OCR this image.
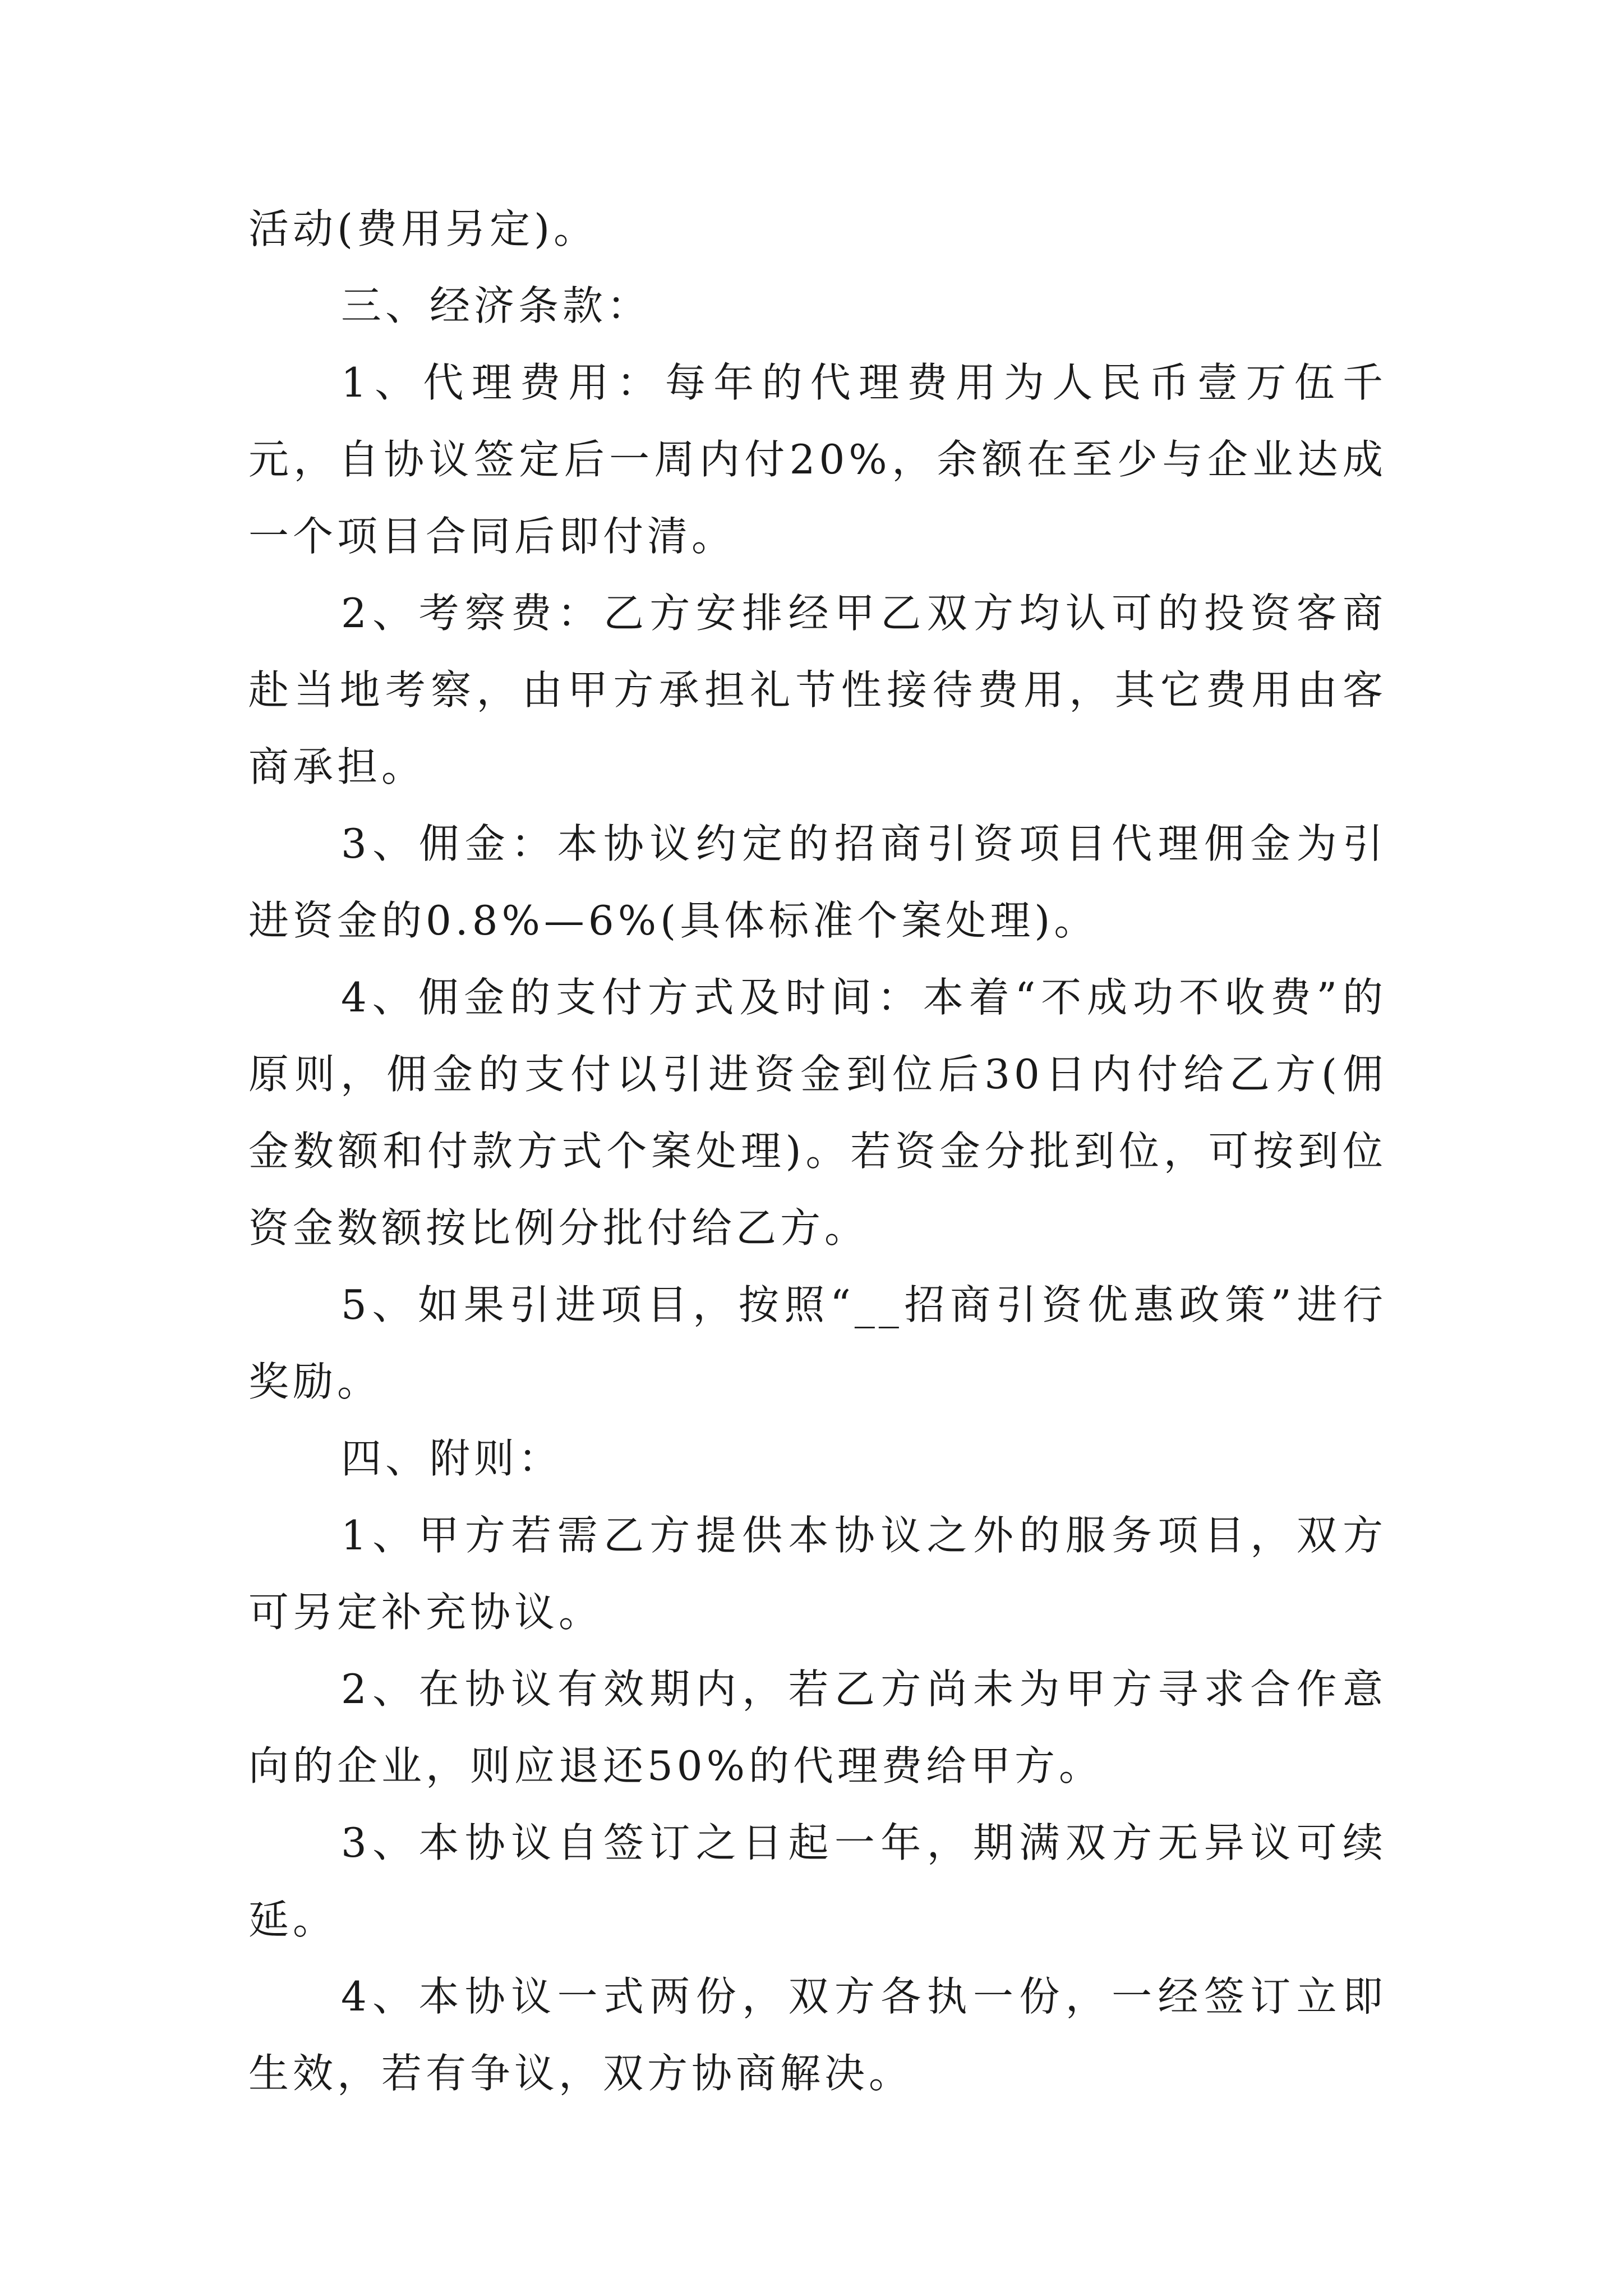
活动(费用另定)。

三、经济条款：

1、代理费用：每年的代理费用为人民币壹万伍千元，自协议签定后一周内付20%，余额在至少与企业达成一个项目合同后即付清。

2、考察费：乙方安排经甲乙双方均认可的投资客商赴当地考察，由甲方承担礼节性接待费用，其它费用由客商承担。

3、佣金：本协议约定的招商引资项目代理佣金为引进资金的0.8%—6%(具体标准个案处理)。

4、佣金的支付方式及时间：本着“不成功不收费”的原则，佣金的支付以引进资金到位后30日内付给乙方(佣金数额和付款方式个案处理)。若资金分批到位，可按到位资金数额按比例分批付给乙方。

5、如果引进项目，按照“__招商引资优惠政策”进行奖励。

四、附则：

1、甲方若需乙方提供本协议之外的服务项目，双方可另定补充协议。

2、在协议有效期内，若乙方尚未为甲方寻求合作意向的企业，则应退还50%的代理费给甲方。

3、本协议自签订之日起一年，期满双方无异议可续延。

4、本协议一式两份，双方各执一份，一经签订立即生效，若有争议，双方协商解决。
